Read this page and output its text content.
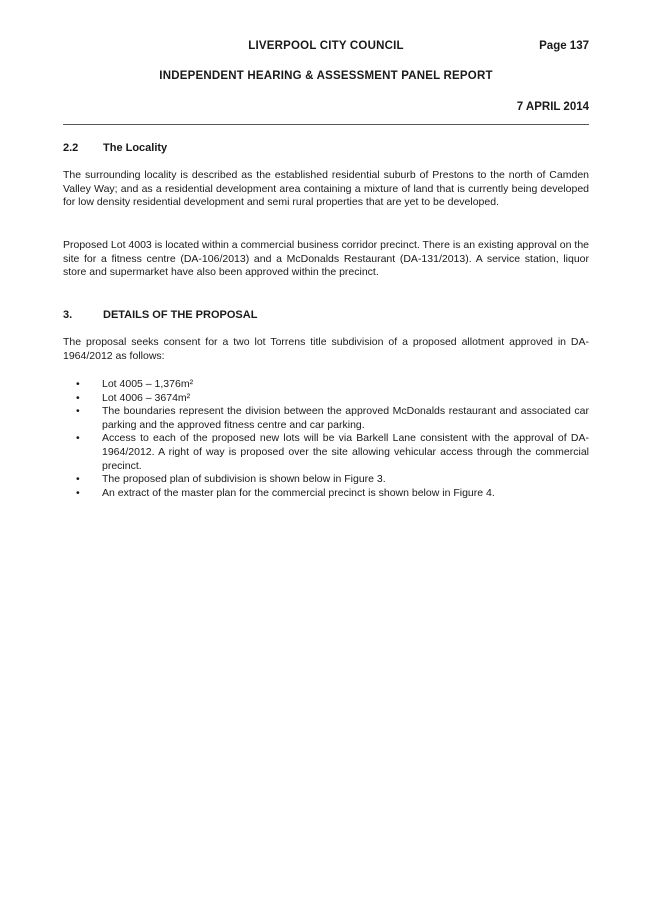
LIVERPOOL CITY COUNCIL	Page 137
INDEPENDENT HEARING & ASSESSMENT PANEL REPORT
7 APRIL 2014
2.2 The Locality
The surrounding locality is described as the established residential suburb of Prestons to the north of Camden Valley Way; and as a residential development area containing a mixture of land that is currently being developed for low density residential development and semi rural properties that are yet to be developed.
Proposed Lot 4003 is located within a commercial business corridor precinct. There is an existing approval on the site for a fitness centre (DA-106/2013) and a McDonalds Restaurant (DA-131/2013). A service station, liquor store and supermarket have also been approved within the precinct.
3.	DETAILS OF THE PROPOSAL
The proposal seeks consent for a two lot Torrens title subdivision of a proposed allotment approved in DA-1964/2012 as follows:
• Lot 4005 – 1,376m²
• Lot 4006 – 3674m²
• The boundaries represent the division between the approved McDonalds restaurant and associated car parking and the approved fitness centre and car parking.
• Access to each of the proposed new lots will be via Barkell Lane consistent with the approval of DA-1964/2012. A right of way is proposed over the site allowing vehicular access through the commercial precinct.
• The proposed plan of subdivision is shown below in Figure 3.
• An extract of the master plan for the commercial precinct is shown below in Figure 4.
